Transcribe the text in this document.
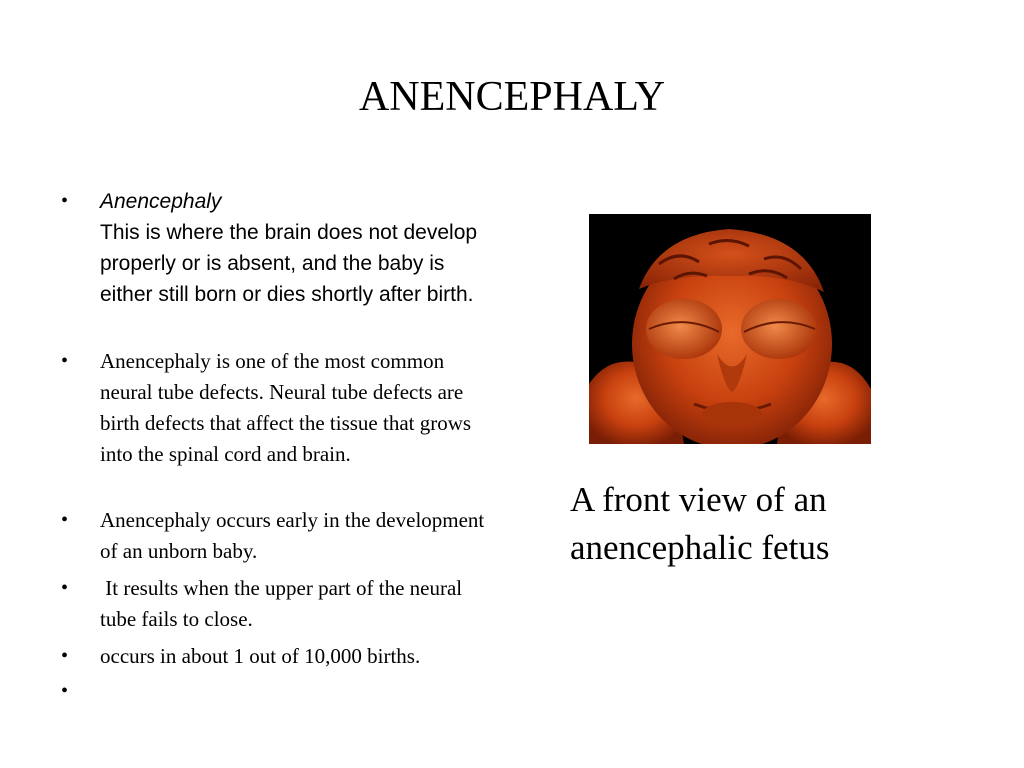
ANENCEPHALY
• Anencephaly
This is where the brain does not develop properly or is absent, and the baby is either still born or dies shortly after birth.
• Anencephaly is one of the most common neural tube defects. Neural tube defects are birth defects that affect the tissue that grows into the spinal cord and brain.
• Anencephaly occurs early in the development of an unborn baby.
• It results when the upper part of the neural tube fails to close.
• occurs in about 1 out of 10,000 births.
•
A front view of an anencephalic fetus
